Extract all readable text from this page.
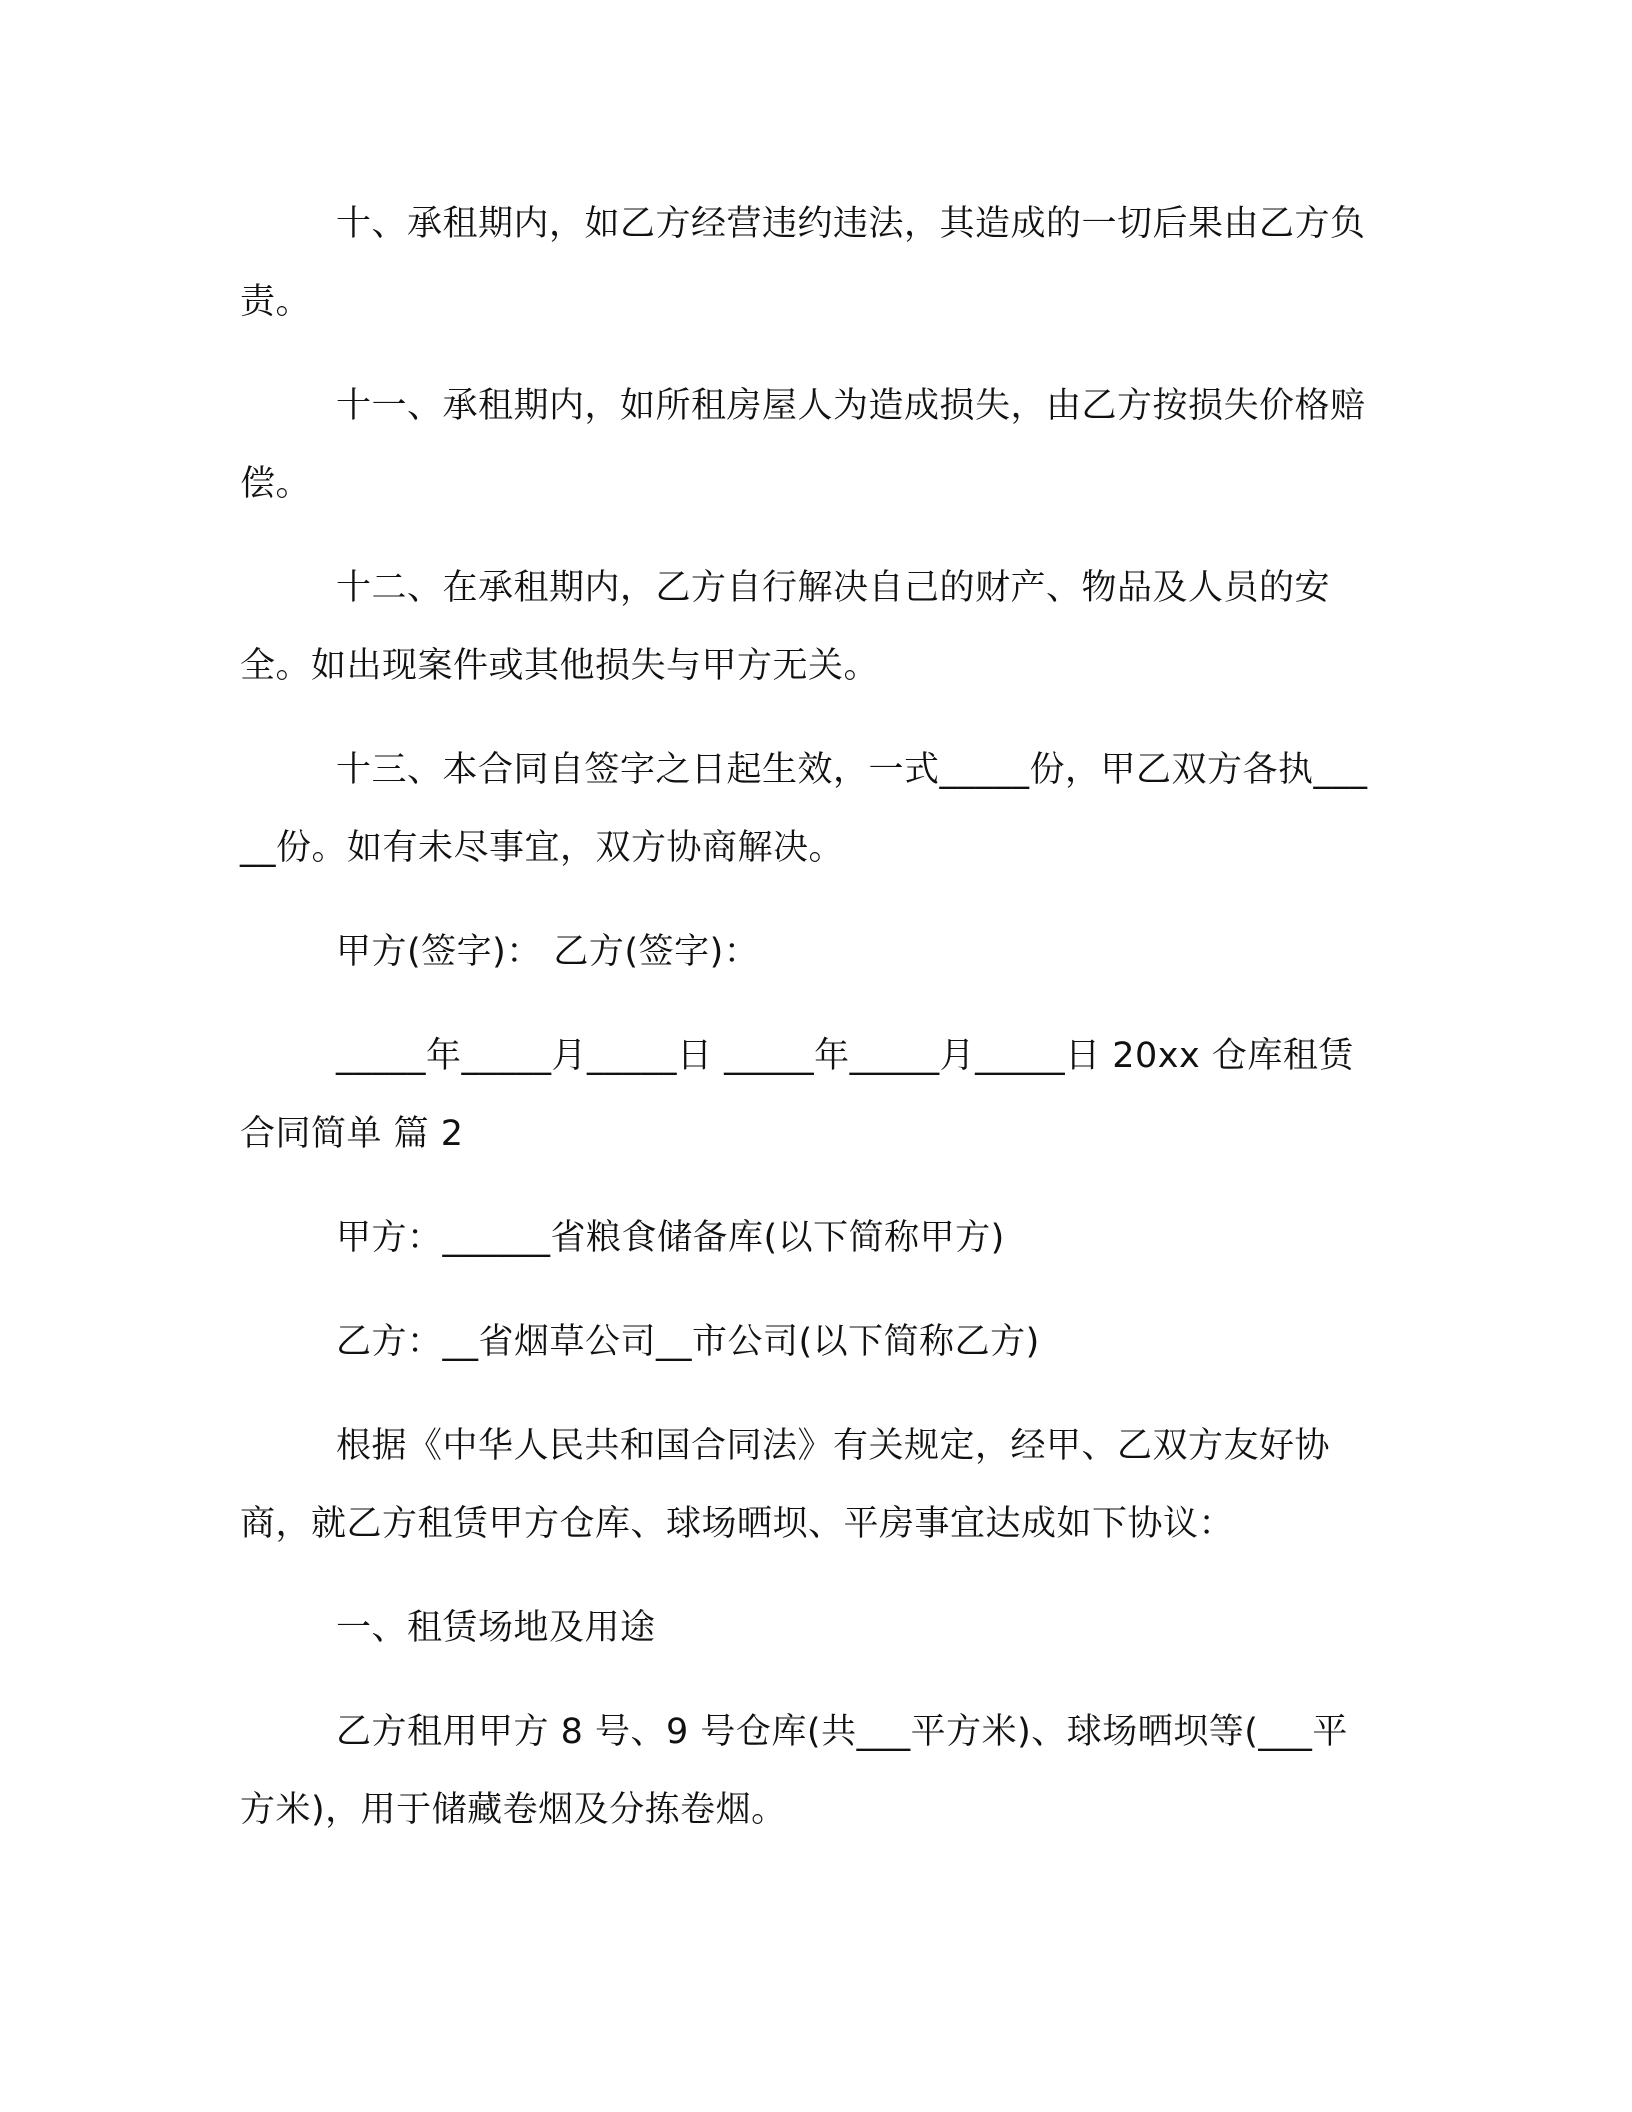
十、承租期内，如乙方经营违约违法，其造成的一切后果由乙方负责。

十一、承租期内，如所租房屋人为造成损失，由乙方按损失价格赔偿。

十二、在承租期内，乙方自行解决自己的财产、物品及人员的安全。如出现案件或其他损失与甲方无关。

十三、本合同自签字之日起生效，一式_____份，甲乙双方各执_____份。如有未尽事宜，双方协商解决。

甲方(签字)： 乙方(签字)：

_____年_____月_____日 _____年_____月_____日 20xx 仓库租赁合同简单 篇 2

甲方：______省粮食储备库(以下简称甲方)

乙方：__省烟草公司__市公司(以下简称乙方)

根据《中华人民共和国合同法》有关规定，经甲、乙双方友好协商，就乙方租赁甲方仓库、球场晒坝、平房事宜达成如下协议：

一、租赁场地及用途

乙方租用甲方 8 号、9 号仓库(共___平方米)、球场晒坝等(___平方米)，用于储藏卷烟及分拣卷烟。
